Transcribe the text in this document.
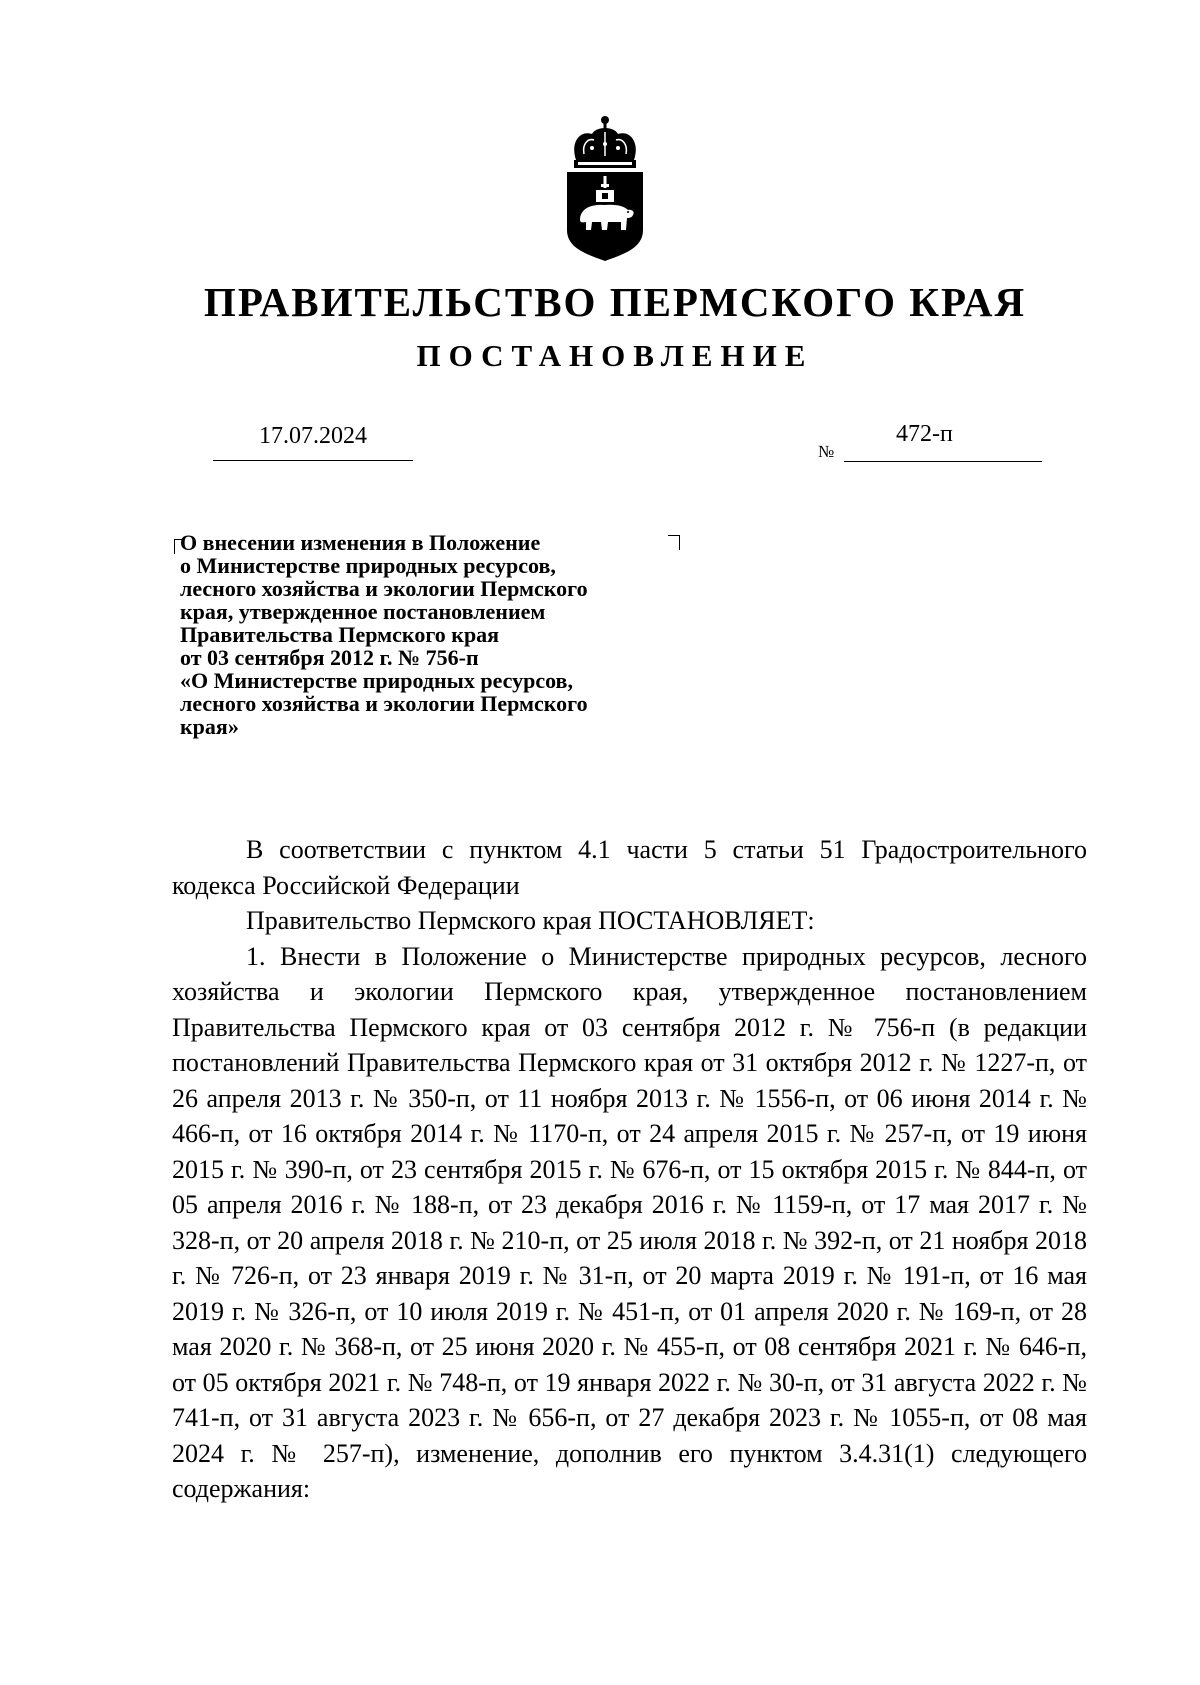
ПРАВИТЕЛЬСТВО ПЕРМСКОГО КРАЯ
ПОСТАНОВЛЕНИЕ
17.07.2024
№
472-п
О внесении изменения в Положение
о Министерстве природных ресурсов,
лесного хозяйства и экологии Пермского
края, утвержденное постановлением
Правительства Пермского края
от 03 сентября 2012 г. № 756-п
«О Министерстве природных ресурсов,
лесного хозяйства и экологии Пермского
края»

В соответствии с пунктом 4.1 части 5 статьи 51 Градостроительного кодекса Российской Федерации

Правительство Пермского края ПОСТАНОВЛЯЕТ:

1. Внести в Положение о Министерстве природных ресурсов, лесного хозяйства и экологии Пермского края, утвержденное постановлением Правительства Пермского края от 03 сентября 2012 г. № 756-п (в редакции постановлений Правительства Пермского края от 31 октября 2012 г. № 1227-п, от 26 апреля 2013 г. № 350-п, от 11 ноября 2013 г. № 1556-п, от 06 июня 2014 г. № 466-п, от 16 октября 2014 г. № 1170-п, от 24 апреля 2015 г. № 257-п, от 19 июня 2015 г. № 390-п, от 23 сентября 2015 г. № 676-п, от 15 октября 2015 г. № 844-п, от 05 апреля 2016 г. № 188-п, от 23 декабря 2016 г. № 1159-п, от 17 мая 2017 г. № 328-п, от 20 апреля 2018 г. № 210-п, от 25 июля 2018 г. № 392-п, от 21 ноября 2018 г. № 726-п, от 23 января 2019 г. № 31-п, от 20 марта 2019 г. № 191-п, от 16 мая 2019 г. № 326-п, от 10 июля 2019 г. № 451-п, от 01 апреля 2020 г. № 169-п, от 28 мая 2020 г. № 368-п, от 25 июня 2020 г. № 455-п, от 08 сентября 2021 г. № 646-п, от 05 октября 2021 г. № 748-п, от 19 января 2022 г. № 30-п, от 31 августа 2022 г. № 741-п, от 31 августа 2023 г. № 656-п, от 27 декабря 2023 г. № 1055-п, от 08 мая 2024 г. № 257-п), изменение, дополнив его пунктом 3.4.31(1) следующего содержания:
